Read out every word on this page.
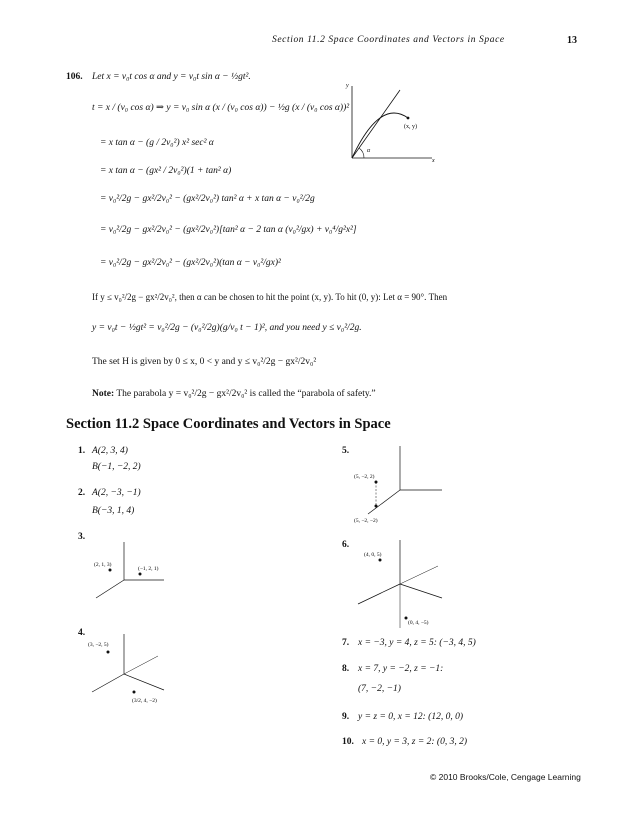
Section 11.2 Space Coordinates and Vectors in Space	13
106. Let x = v₀t cos α and y = v₀t sin α − ½gt².
t = x / (v₀ cos α) ⇒ y = v₀ sin α (x / (v₀ cos α)) − ½g (x / (v₀ cos α))²
= x tan α − (g / 2v₀²) x² sec² α
= x tan α − (gx² / 2v₀²)(1 + tan² α)
= v₀²/2g − gx²/2v₀² − (gx²/2v₀²) tan² α + x tan α − v₀²/2g
= v₀²/2g − gx²/2v₀² − (gx²/2v₀²)[tan² α − 2 tan α (v₀²/gx) + v₀⁴/g²x²]
= v₀²/2g − gx²/2v₀² − (gx²/2v₀²)(tan α − v₀²/gx)²
If y ≤ v₀²/2g − gx²/2v₀², then α can be chosen to hit the point (x, y). To hit (0, y): Let α = 90°. Then
y = v₀t − ½gt² = v₀²/2g − (v₀²/2g)(g/v₀ t − 1)², and you need y ≤ v₀²/2g.
The set H is given by 0 ≤ x, 0 < y and y ≤ v₀²/2g − gx²/2v₀²
Note: The parabola y = v₀²/2g − gx²/2v₀² is called the “parabola of safety.”
y
x
(x, y)
α
Section 11.2 Space Coordinates and Vectors in Space
1. A(2, 3, 4)
B(−1, −2, 2)
2. A(2, −3, −1)
B(−3, 1, 4)
3.
(2, 1, 3)
(−1, 2, 1)
4.
(3, −2, 5)
(3/2, 4, −2)
5.
(5, −2, 2)
(5, −2, −2)
6.
(4, 0, 5)
(0, 4, −5)
7. x = −3, y = 4, z = 5: (−3, 4, 5)
8. x = 7, y = −2, z = −1:
(7, −2, −1)
9. y = z = 0, x = 12: (12, 0, 0)
10. x = 0, y = 3, z = 2: (0, 3, 2)
© 2010 Brooks/Cole, Cengage Learning
